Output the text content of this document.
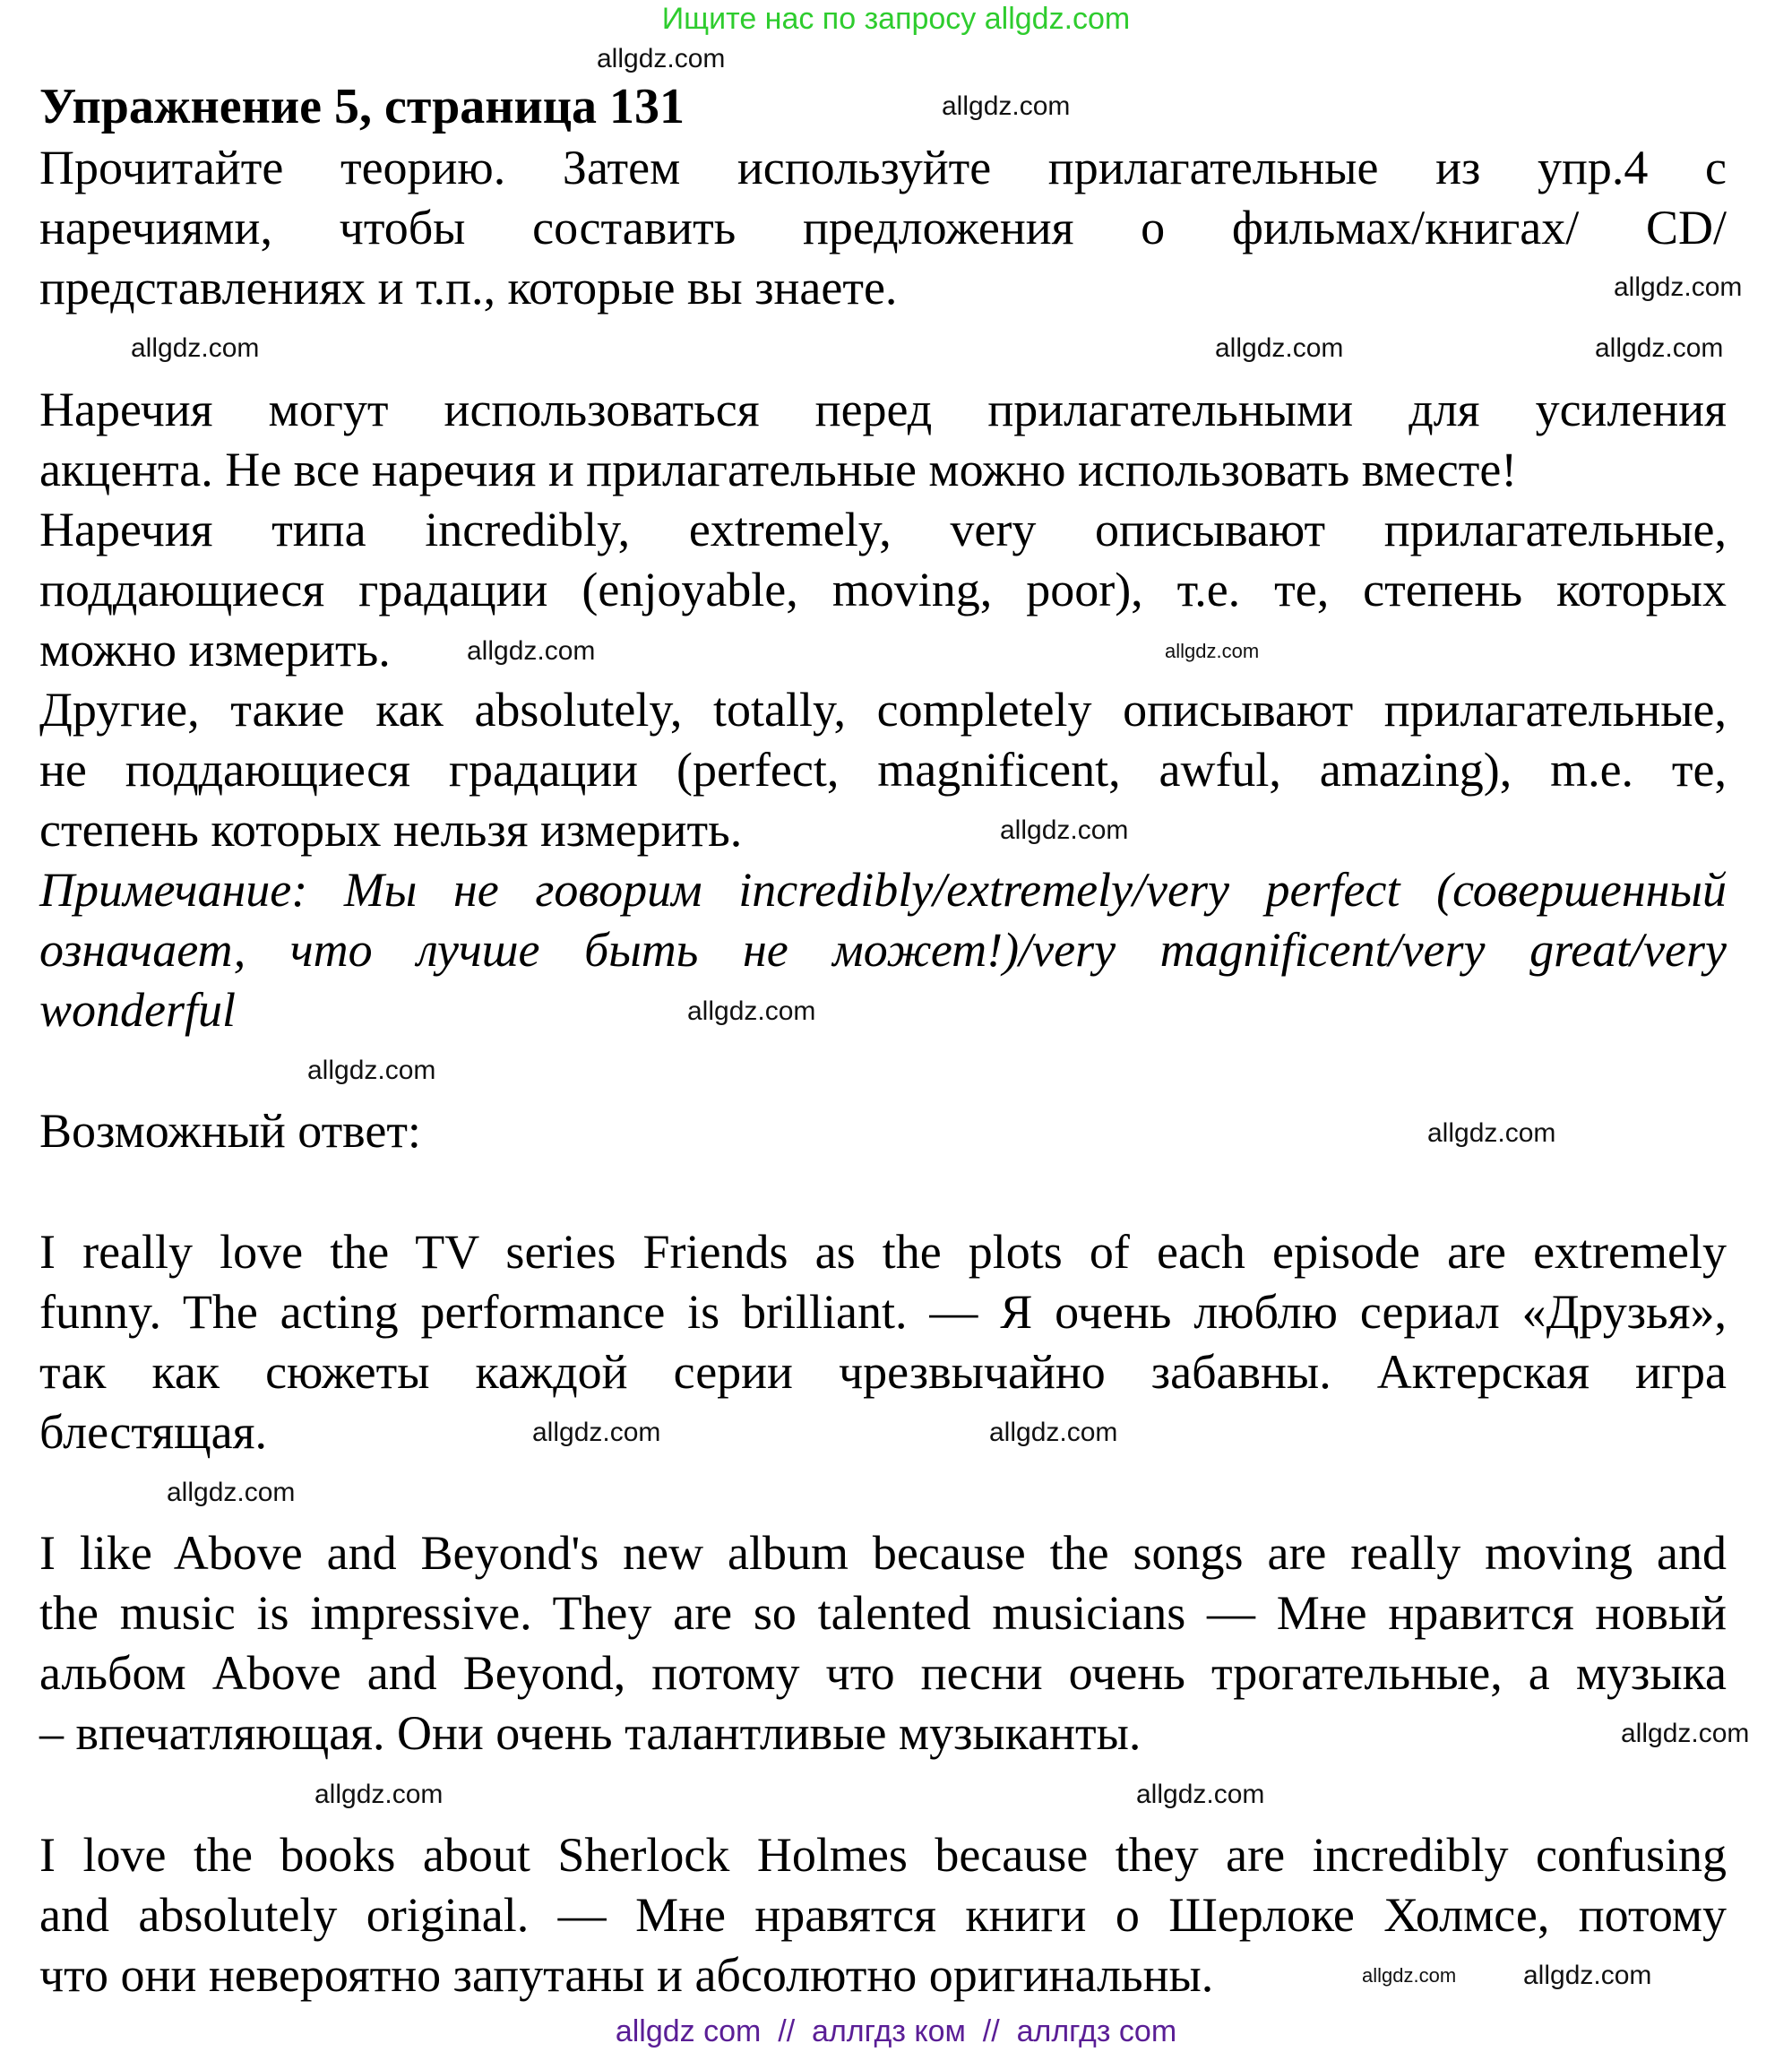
Ищите нас по запросу allgdz.com
Упражнение 5, страница 131
Прочитайте теорию. Затем используйте прилагательные из упр.4 с
наречиями, чтобы составить предложения о фильмах/книгах/ CD/
представлениях и т.п., которые вы знаете.
Наречия могут использоваться перед прилагательными для усиления
акцента. Не все наречия и прилагательные можно использовать вместе!
Наречия типа incredibly, extremely, very описывают прилагательные,
поддающиеся градации (enjoyable, moving, poor), т.е. те, степень которых
можно измерить.
Другие, такие как absolutely, totally, completely описывают прилагательные,
не поддающиеся градации (perfect, magnificent, awful, amazing), m.e. те,
степень которых нельзя измерить.
Примечание: Мы не говорим incredibly/extremely/very perfect (совершенный
означает, что лучше быть не может!)/very magnificent/very great/very
wonderful
Возможный ответ:
I really love the TV series Friends as the plots of each episode are extremely
funny. The acting performance is brilliant. — Я очень люблю сериал «Друзья»,
так как сюжеты каждой серии чрезвычайно забавны. Актерская игра
блестящая.
I like Above and Beyond's new album because the songs are really moving and
the music is impressive. They are so talented musicians — Мне нравится новый
альбом Above and Beyond, потому что песни очень трогательные, а музыка
– впечатляющая. Они очень талантливые музыканты.
I love the books about Sherlock Holmes because they are incredibly confusing
and absolutely original. — Мне нравятся книги о Шерлоке Холмсе, потому
что они невероятно запутаны и абсолютно оригинальны.
allgdz.com
allgdz.com
allgdz.com
allgdz.com	allgdz.com	allgdz.com
allgdz.com
allgdz.com
allgdz.com
allgdz.com
allgdz.com
allgdz.com
allgdz.com
allgdz.com
allgdz.com
allgdz.com
allgdz.com	allgdz.com
allgdz.com allgdz.com
allgdz com  //  аллгдз ком  //  аллгдз com
